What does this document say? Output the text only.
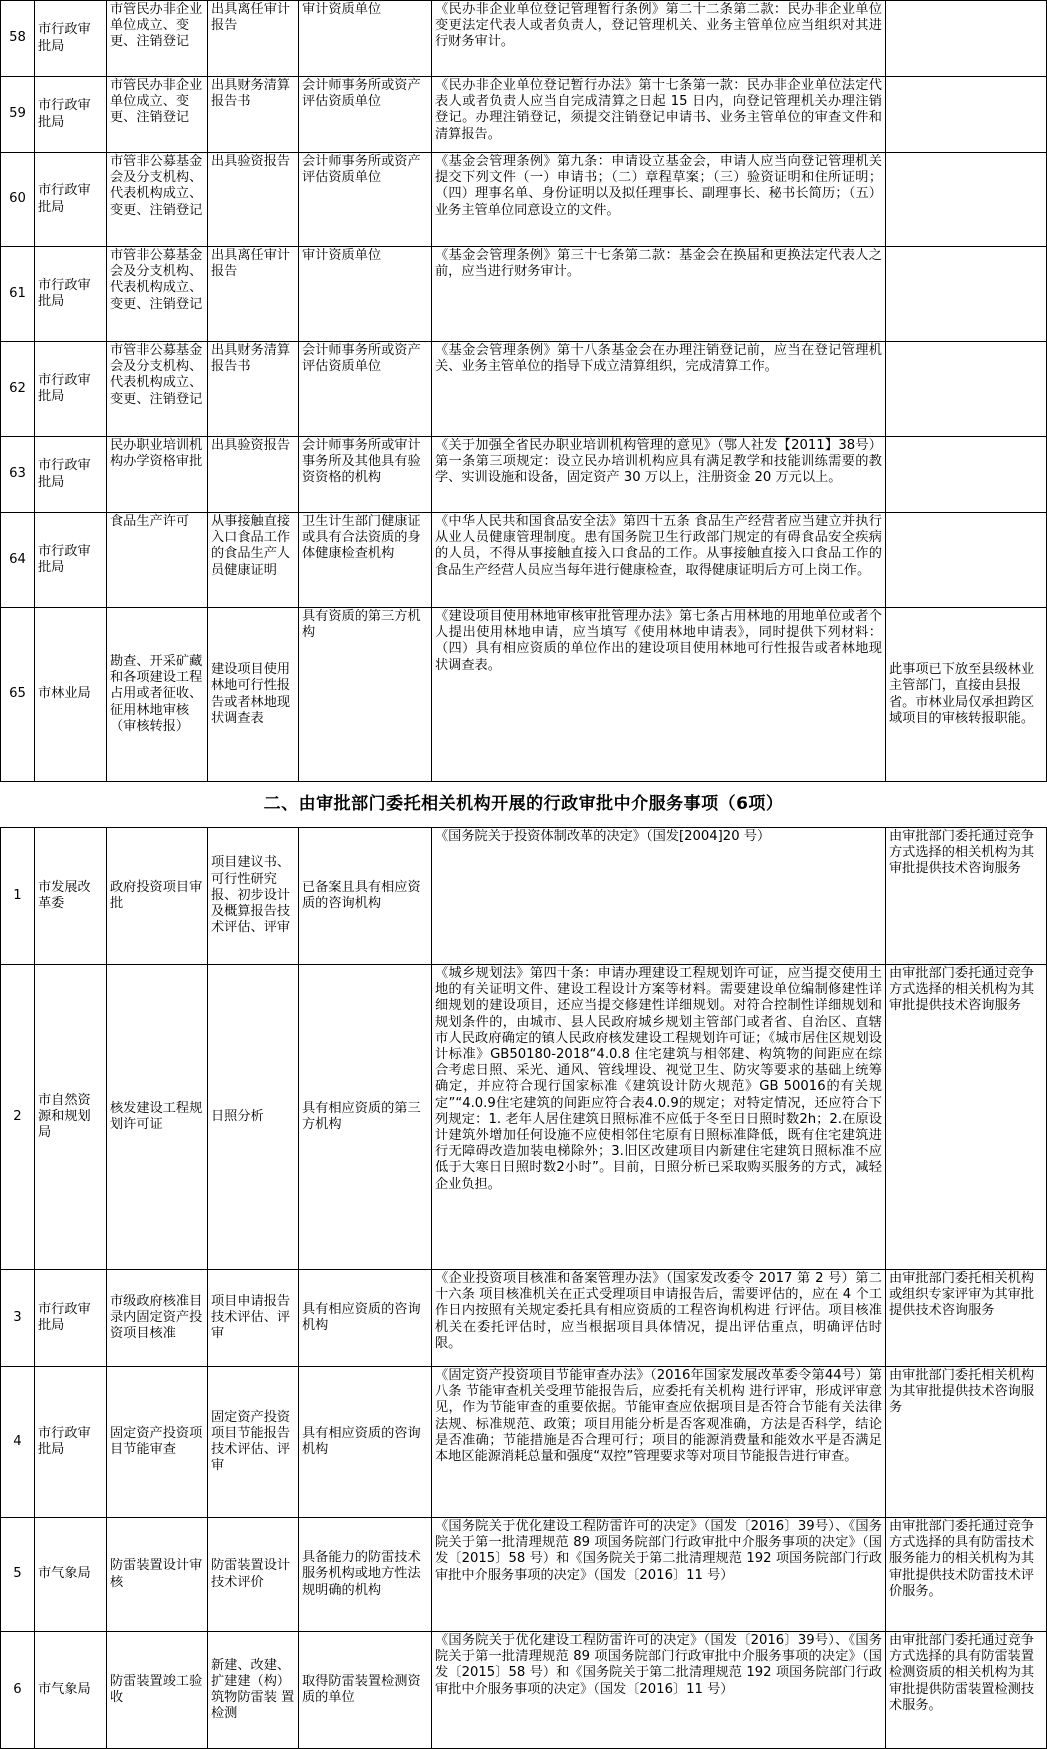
58	市行政审批局	市管民办非企业单位成立、变更、注销登记	出具离任审计报告	审计资质单位	《民办非企业单位登记管理暂行条例》第二十二条第二款：民办非企业单位变更法定代表人或者负责人，登记管理机关、业务主管单位应当组织对其进行财务审计。	
59	市行政审批局	市管民办非企业单位成立、变更、注销登记	出具财务清算报告书	会计师事务所或资产评估资质单位	《民办非企业单位登记暂行办法》第十七条第一款：民办非企业单位法定代表人或者负责人应当自完成清算之日起 15 日内，向登记管理机关办理注销登记。办理注销登记，须提交注销登记申请书、业务主管单位的审查文件和清算报告。	
60	市行政审批局	市管非公募基金会及分支机构、代表机构成立、变更、注销登记	出具验资报告	会计师事务所或资产评估资质单位	《基金会管理条例》第九条：申请设立基金会，申请人应当向登记管理机关提交下列文件（一）申请书；（二）章程草案；（三）验资证明和住所证明；（四）理事名单、身份证明以及拟任理事长、副理事长、秘书长简历；（五）业务主管单位同意设立的文件。	
61	市行政审批局	市管非公募基金会及分支机构、代表机构成立、变更、注销登记	出具离任审计报告	审计资质单位	《基金会管理条例》第三十七条第二款：基金会在换届和更换法定代表人之前，应当进行财务审计。	
62	市行政审批局	市管非公募基金会及分支机构、代表机构成立、变更、注销登记	出具财务清算报告书	会计师事务所或资产评估资质单位	《基金会管理条例》第十八条基金会在办理注销登记前，应当在登记管理机关、业务主管单位的指导下成立清算组织，完成清算工作。	
63	市行政审批局	民办职业培训机构办学资格审批	出具验资报告	会计师事务所或审计事务所及其他具有验资资格的机构	《关于加强全省民办职业培训机构管理的意见》（鄂人社发【2011】38号）第一条第三项规定：设立民办培训机构应具有满足教学和技能训练需要的教学、实训设施和设备，固定资产 30 万以上，注册资金 20 万元以上。	
64	市行政审批局	食品生产许可	从事接触直接入口食品工作的食品生产人员健康证明	卫生计生部门健康证或具有合法资质的身体健康检查机构	《中华人民共和国食品安全法》第四十五条 食品生产经营者应当建立并执行从业人员健康管理制度。患有国务院卫生行政部门规定的有碍食品安全疾病的人员，不得从事接触直接入口食品的工作。从事接触直接入口食品工作的食品生产经营人员应当每年进行健康检查，取得健康证明后方可上岗工作。	
65	市林业局	勘查、开采矿藏和各项建设工程占用或者征收、征用林地审核（审核转报）	建设项目使用林地可行性报告或者林地现状调查表	具有资质的第三方机构	《建设项目使用林地审核审批管理办法》第七条占用林地的用地单位或者个人提出使用林地申请，应当填写《使用林地申请表》，同时提供下列材料：（四）具有相应资质的单位作出的建设项目使用林地可行性报告或者林地现状调查表。	此事项已下放至县级林业主管部门，直接由县报省。市林业局仅承担跨区域项目的审核转报职能。
二、由审批部门委托相关机构开展的行政审批中介服务事项（6项）						
1	市发展改革委	政府投资项目审批	项目建议书、可行性研究报、初步设计及概算报告技术评估、评审	已备案且具有相应资质的咨询机构	《国务院关于投资体制改革的决定》（国发[2004]20 号）	由审批部门委托通过竞争方式选择的相关机构为其审批提供技术咨询服务
2	市自然资源和规划局	核发建设工程规划许可证	日照分析	具有相应资质的第三方机构	《城乡规划法》第四十条：申请办理建设工程规划许可证，应当提交使用土地的有关证明文件、建设工程设计方案等材料。需要建设单位编制修建性详细规划的建设项目，还应当提交修建性详细规划。对符合控制性详细规划和规划条件的，由城市、县人民政府城乡规划主管部门或者省、自治区、直辖市人民政府确定的镇人民政府核发建设工程规划许可证；《城市居住区规划设计标准》GB50180-2018“4.0.8 住宅建筑与相邻建、构筑物的间距应在综合考虑日照、采光、通风、管线埋设、视觉卫生、防灾等要求的基础上统筹确定，并应符合现行国家标准《建筑设计防火规范》GB 50016的有关规定”“4.0.9住宅建筑的间距应符合表4.0.9的规定；对特定情况，还应符合下列规定：1. 老年人居住建筑日照标准不应低于冬至日日照时数2h；2.在原设计建筑外增加任何设施不应使相邻住宅原有日照标准降低，既有住宅建筑进行无障碍改造加装电梯除外；3.旧区改建项目内新建住宅建筑日照标准不应低于大寒日日照时数2小时”。目前，日照分析已采取购买服务的方式，减轻企业负担。	由审批部门委托通过竞争方式选择的相关机构为其审批提供技术咨询服务
3	市行政审批局	市级政府核准目录内固定资产投资项目核准	项目申请报告技术评估、评审	具有相应资质的咨询机构	《企业投资项目核准和备案管理办法》（国家发改委令 2017 第 2 号）第二十六条 项目核准机关在正式受理项目申请报告后，需要评估的，应在 4 个工作日内按照有关规定委托具有相应资质的工程咨询机构进 行评估。项目核准机关在委托评估时，应当根据项目具体情况，提出评估重点，明确评估时限。	由审批部门委托相关机构或组织专家评审为其审批提供技术咨询服务
4	市行政审批局	固定资产投资项目节能审查	固定资产投资项目节能报告技术评估、评审	具有相应资质的咨询机构	《固定资产投资项目节能审查办法》（2016年国家发展改革委令第44号）第八条 节能审查机关受理节能报告后，应委托有关机构 进行评审，形成评审意见，作为节能审查的重要依据。节能审查应依据项目是否符合节能有关法律法规、标准规范、政策；项目用能分析是否客观准确，方法是否科学，结论是否准确；节能措施是否合理可行；项目的能源消费量和能效水平是否满足本地区能源消耗总量和强度“双控”管理要求等对项目节能报告进行审查。	由审批部门委托相关机构为其审批提供技术咨询服务
5	市气象局	防雷装置设计审核	防雷装置设计技术评价	具备能力的防雷技术服务机构或地方性法规明确的机构	《国务院关于优化建设工程防雷许可的决定》（国发〔2016〕39号）、《国务院关于第一批清理规范 89 项国务院部门行政审批中介服务事项的决定》（国发〔2015〕58 号）和《国务院关于第二批清理规范 192 项国务院部门行政审批中介服务事项的决定》（国发〔2016〕11 号）	由审批部门委托通过竞争方式选择的具有防雷技术服务能力的相关机构为其审批提供技术防雷技术评价服务。
6	市气象局	防雷装置竣工验收	新建、改建、扩建建（构）筑物防雷装 置检测	取得防雷装置检测资质的单位	《国务院关于优化建设工程防雷许可的决定》（国发〔2016〕39号）、《国务院关于第一批清理规范 89 项国务院部门行政审批中介服务事项的决定》（国发〔2015〕58 号）和《国务院关于第二批清理规范 192 项国务院部门行政审批中介服务事项的决定》（国发〔2016〕11 号）	由审批部门委托通过竞争方式选择的具有防雷装置检测资质的相关机构为其审批提供防雷装置检测技术服务。
